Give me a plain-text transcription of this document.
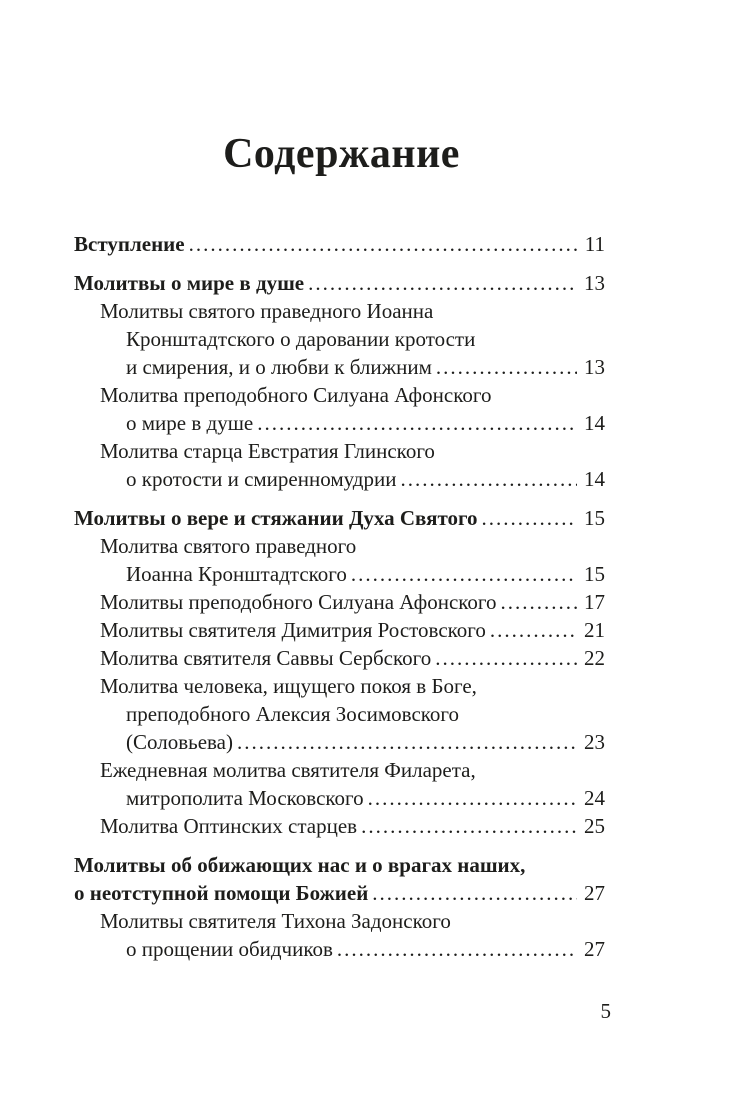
Содержание
Вступление .....	11
Молитвы о мире в душе .....	13
Молитвы святого праведного Иоанна
Кронштадтского о даровании кротости
и смирения, и о любви к ближним .....	13
Молитва преподобного Силуана Афонского
о мире в душе .....	14
Молитва старца Евстратия Глинского
о кротости и смиренномудрии .....	14
Молитвы о вере и стяжании Духа Святого .....	15
Молитва святого праведного
Иоанна Кронштадтского .....	15
Молитвы преподобного Силуана Афонского .....	17
Молитвы святителя Димитрия Ростовского .....	21
Молитва святителя Саввы Сербского .....	22
Молитва человека, ищущего покоя в Боге,
преподобного Алексия Зосимовского
(Соловьева) .....	23
Ежедневная молитва святителя Филарета,
митрополита Московского .....	24
Молитва Оптинских старцев .....	25
Молитвы об обижающих нас и о врагах наших,
о неотступной помощи Божией .....	27
Молитвы святителя Тихона Задонского
о прощении обидчиков .....	27
5
